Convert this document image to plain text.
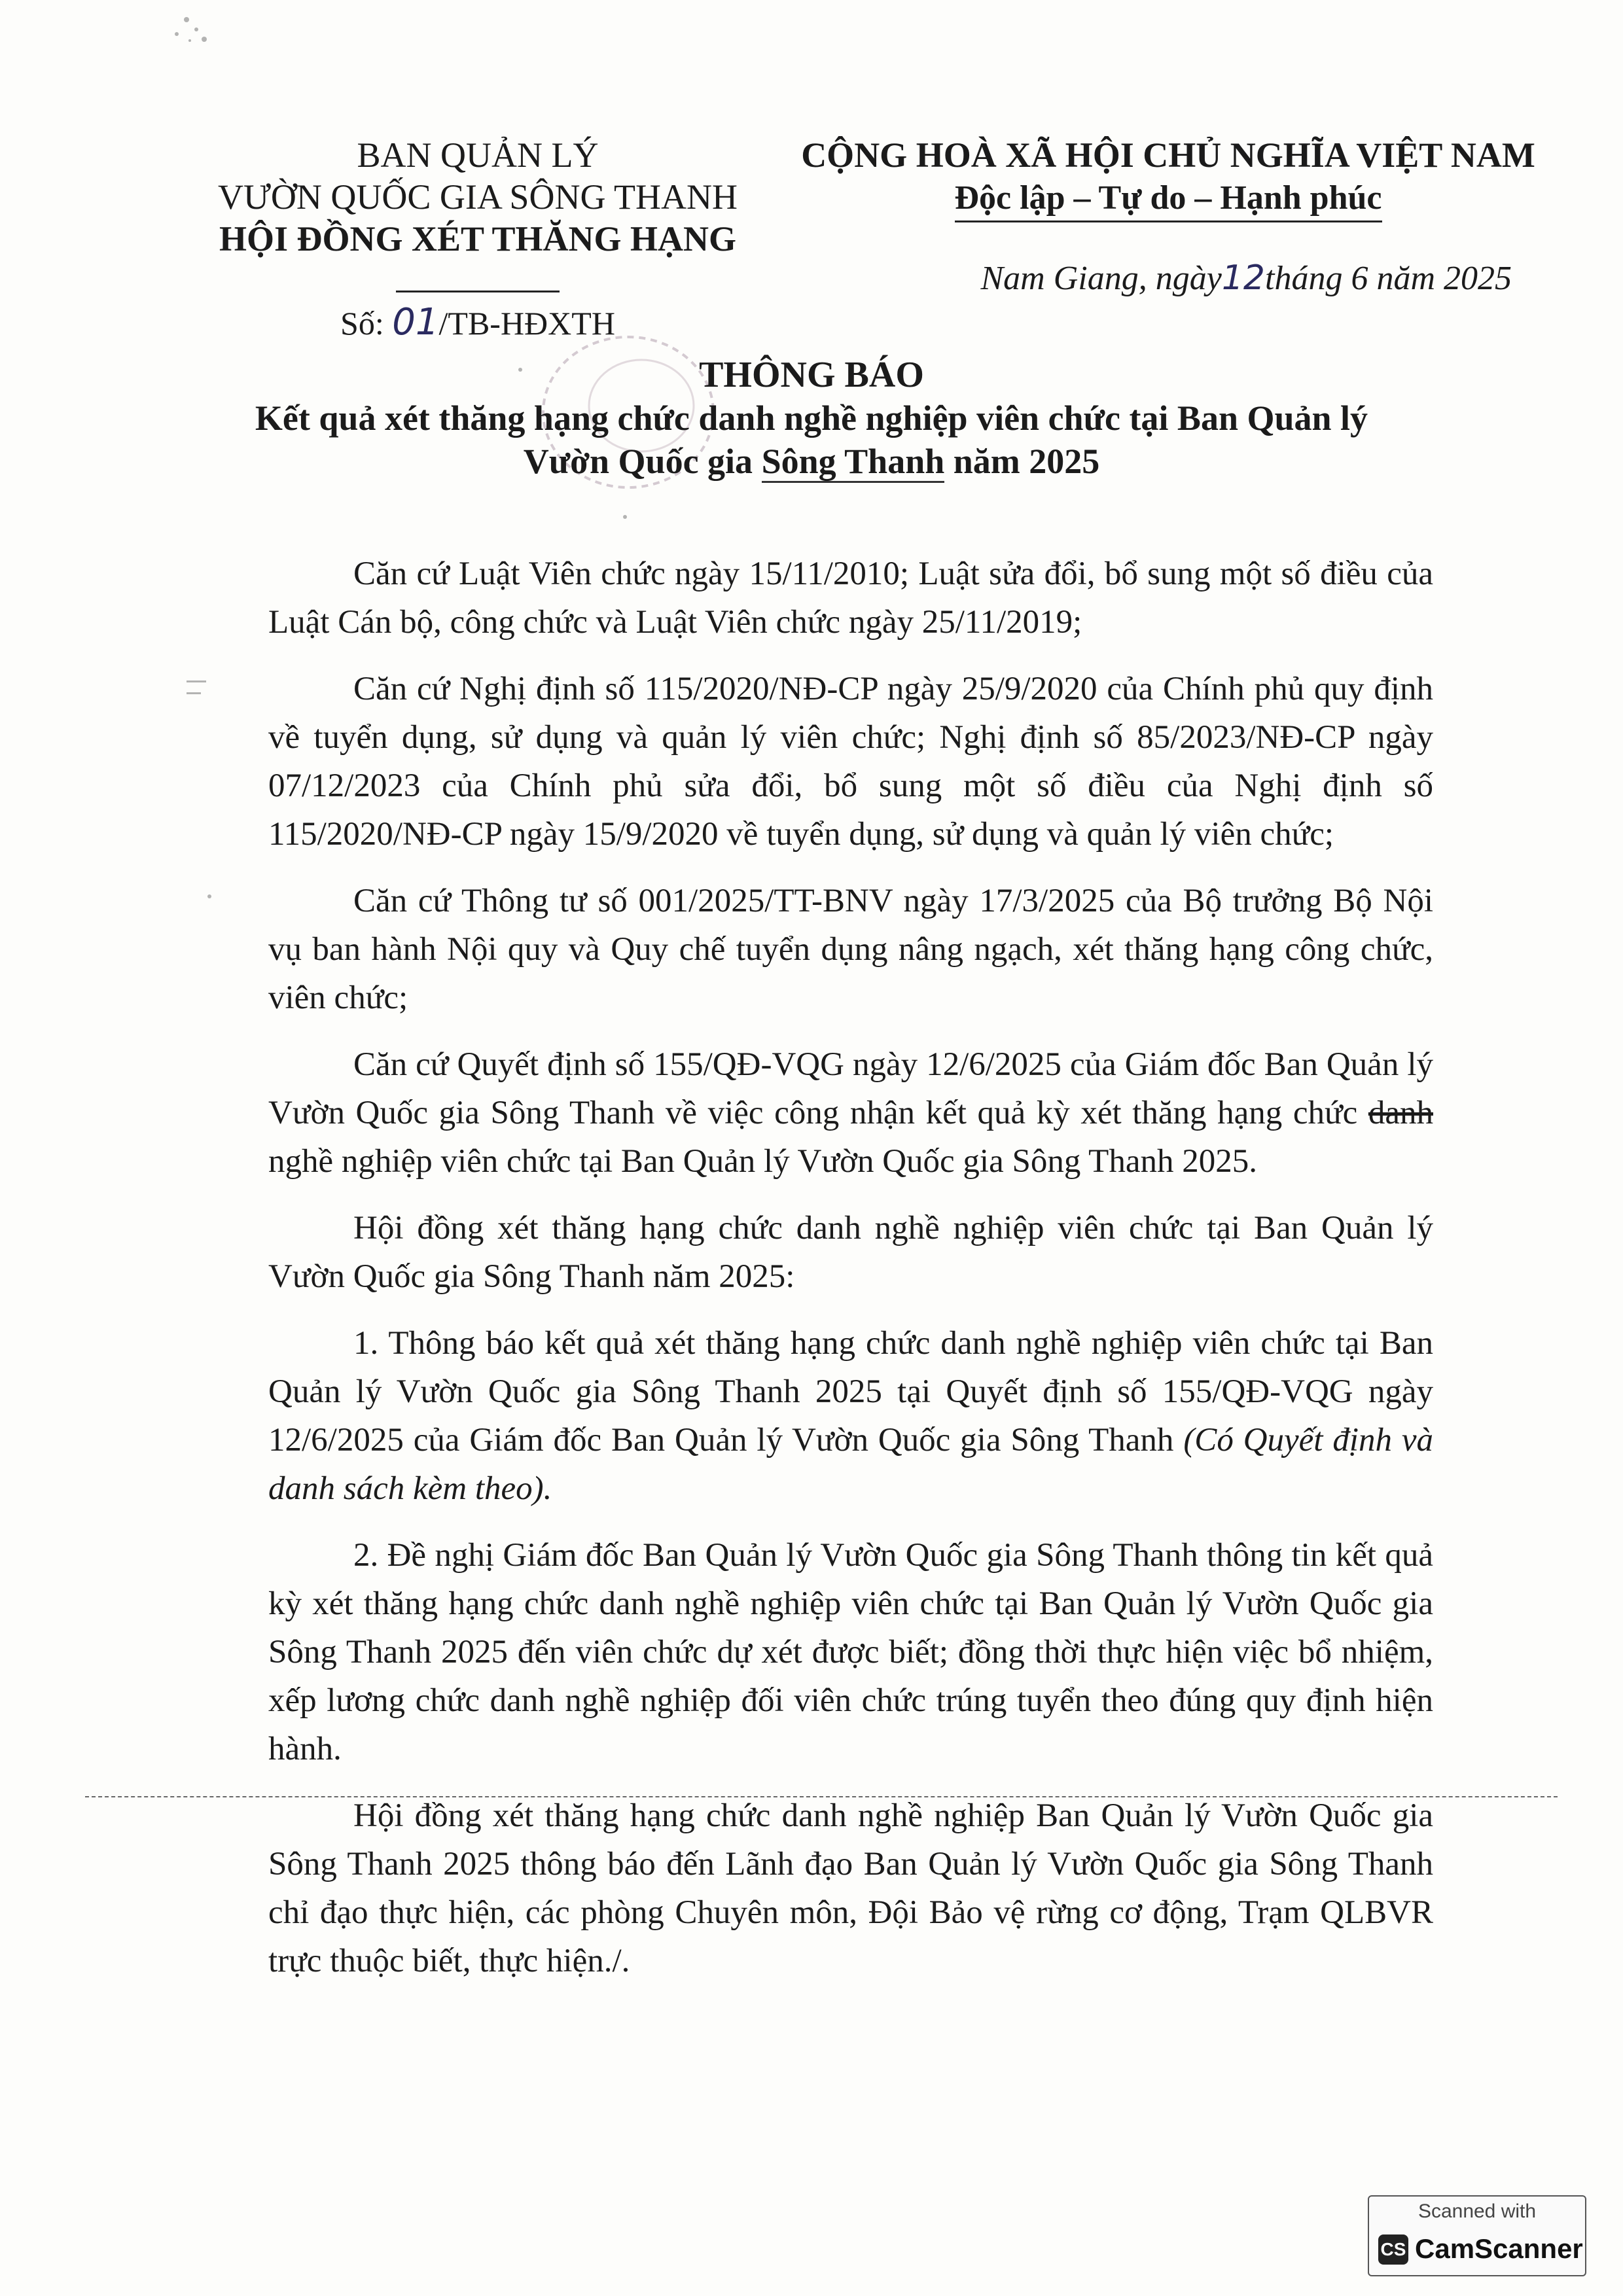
BAN QUẢN LÝ
VƯỜN QUỐC GIA SÔNG THANH
HỘI ĐỒNG XÉT THĂNG HẠNG
Số: 01/TB-HĐXTH
CỘNG HOÀ XÃ HỘI CHỦ NGHĨA VIỆT NAM
Độc lập – Tự do – Hạnh phúc
Nam Giang, ngày12tháng 6 năm 2025
THÔNG BÁO
Kết quả xét thăng hạng chức danh nghề nghiệp viên chức tại Ban Quản lý
Vườn Quốc gia Sông Thanh năm 2025

Căn cứ Luật Viên chức ngày 15/11/2010; Luật sửa đổi, bổ sung một số điều của Luật Cán bộ, công chức và Luật Viên chức ngày 25/11/2019;

Căn cứ Nghị định số 115/2020/NĐ-CP ngày 25/9/2020 của Chính phủ quy định về tuyển dụng, sử dụng và quản lý viên chức; Nghị định số 85/2023/NĐ-CP ngày 07/12/2023 của Chính phủ sửa đổi, bổ sung một số điều của Nghị định số 115/2020/NĐ-CP ngày 15/9/2020 về tuyển dụng, sử dụng và quản lý viên chức;

Căn cứ Thông tư số 001/2025/TT-BNV ngày 17/3/2025 của Bộ trưởng Bộ Nội vụ ban hành Nội quy và Quy chế tuyển dụng nâng ngạch, xét thăng hạng công chức, viên chức;

Căn cứ Quyết định số 155/QĐ-VQG ngày 12/6/2025 của Giám đốc Ban Quản lý Vườn Quốc gia Sông Thanh về việc công nhận kết quả kỳ xét thăng hạng chức danh nghề nghiệp viên chức tại Ban Quản lý Vườn Quốc gia Sông Thanh 2025.

Hội đồng xét thăng hạng chức danh nghề nghiệp viên chức tại Ban Quản lý Vườn Quốc gia Sông Thanh năm 2025:

1. Thông báo kết quả xét thăng hạng chức danh nghề nghiệp viên chức tại Ban Quản lý Vườn Quốc gia Sông Thanh 2025 tại Quyết định số 155/QĐ-VQG ngày 12/6/2025 của Giám đốc Ban Quản lý Vườn Quốc gia Sông Thanh (Có Quyết định và danh sách kèm theo).

2. Đề nghị Giám đốc Ban Quản lý Vườn Quốc gia Sông Thanh thông tin kết quả kỳ xét thăng hạng chức danh nghề nghiệp viên chức tại Ban Quản lý Vườn Quốc gia Sông Thanh 2025 đến viên chức dự xét được biết; đồng thời thực hiện việc bổ nhiệm, xếp lương chức danh nghề nghiệp đối viên chức trúng tuyển theo đúng quy định hiện hành.

Hội đồng xét thăng hạng chức danh nghề nghiệp Ban Quản lý Vườn Quốc gia Sông Thanh 2025 thông báo đến Lãnh đạo Ban Quản lý Vườn Quốc gia Sông Thanh chỉ đạo thực hiện, các phòng Chuyên môn, Đội Bảo vệ rừng cơ động, Trạm QLBVR trực thuộc biết, thực hiện./.

Scanned with
CS CamScanner
